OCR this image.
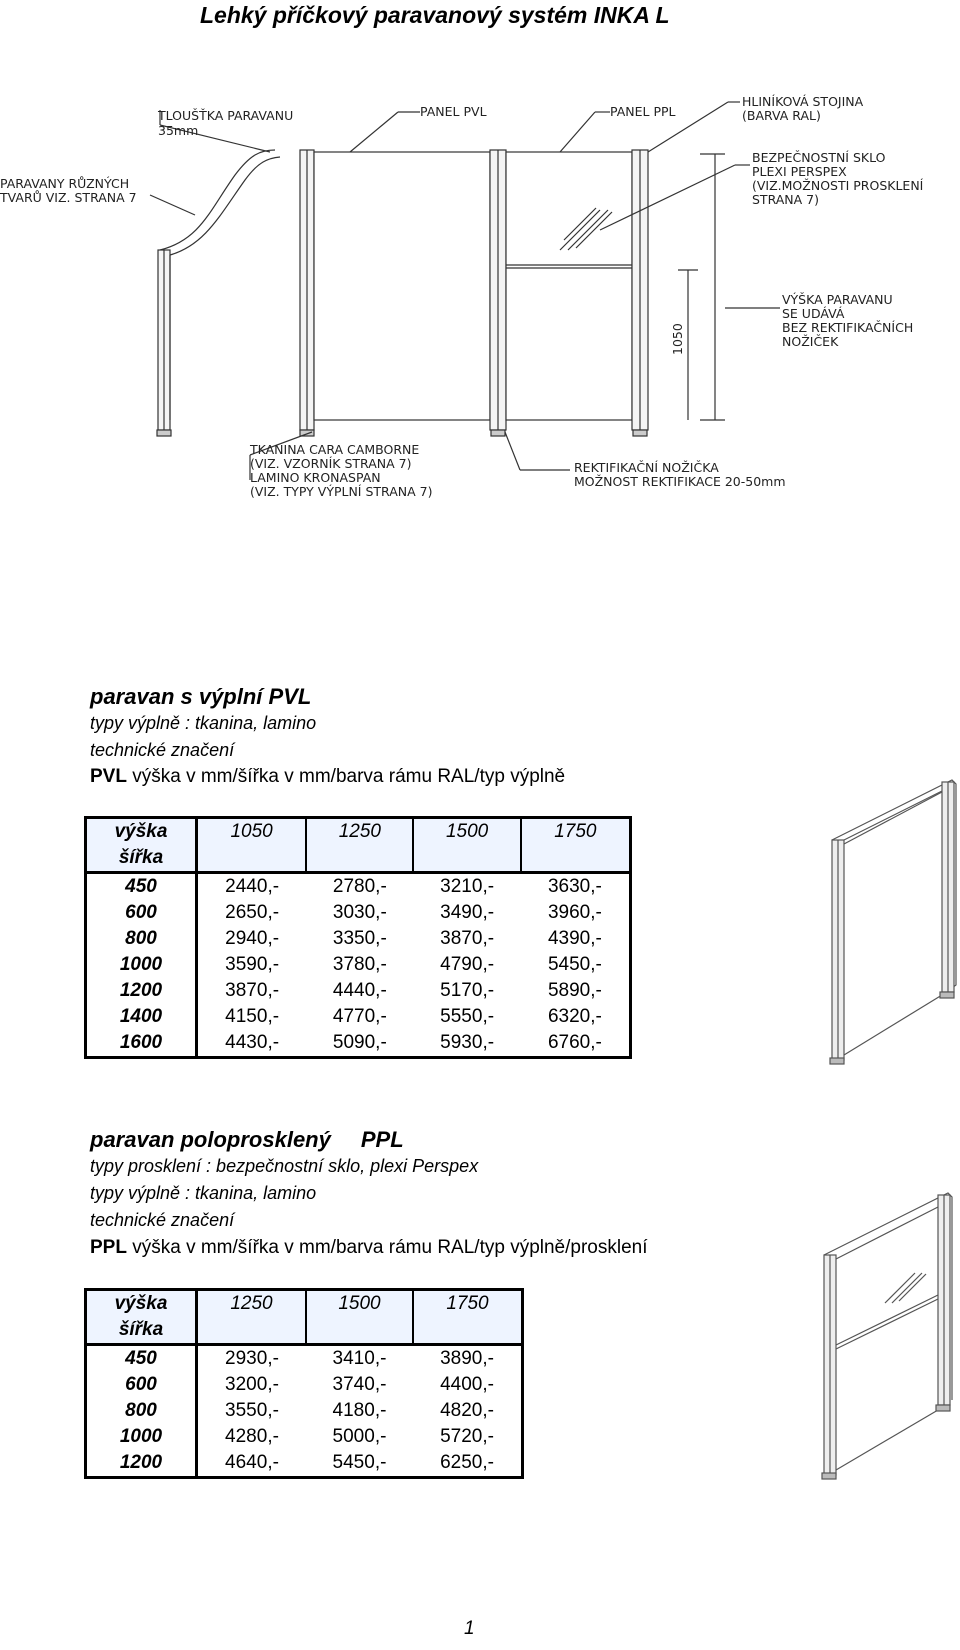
Lehký příčkový paravanový systém INKA L
TLOUŠŤKA PARAVANU
35mm
PARAVANY RŮZNÝCH
TVARŮ VIZ. STRANA 7
PANEL PVL	PANEL PPL
HLINÍKOVÁ STOJINA
(BARVA RAL)
BEZPEČNOSTNÍ SKLO
PLEXI PERSPEX
(VIZ.MOŽNOSTI PROSKLENÍ
STRANA 7)
VÝŠKA PARAVANU
SE UDÁVÁ
BEZ REKTIFIKAČNÍCH
NOŽIČEK
1050
TKANINA CARA CAMBORNE
(VIZ. VZORNÍK STRANA 7)
LAMINO KRONASPAN
(VIZ. TYPY VÝPLNÍ STRANA 7)
REKTIFIKAČNÍ NOŽIČKA
MOŽNOST REKTIFIKACE 20-50mm
paravan s výplní PVL
typy výplně : tkanina, lamino
technické značení
PVL výška v mm/šířka v mm/barva rámu RAL/typ výplně
výška	1050	1250	1500	1750
šířka				
450	2440,-	2780,-	3210,-	3630,-
600	2650,-	3030,-	3490,-	3960,-
800	2940,-	3350,-	3870,-	4390,-
1000	3590,-	3780,-	4790,-	5450,-
1200	3870,-	4440,-	5170,-	5890,-
1400	4150,-	4770,-	5550,-	6320,-
1600	4430,-	5090,-	5930,-	6760,-
paravan poloprosklený PPL
typy prosklení : bezpečnostní sklo, plexi Perspex
typy výplně : tkanina, lamino
technické značení
PPL výška v mm/šířka v mm/barva rámu RAL/typ výplně/prosklení
výška	1250	1500	1750
šířka			
450	2930,-	3410,-	3890,-
600	3200,-	3740,-	4400,-
800	3550,-	4180,-	4820,-
1000	4280,-	5000,-	5720,-
1200	4640,-	5450,-	6250,-
1
